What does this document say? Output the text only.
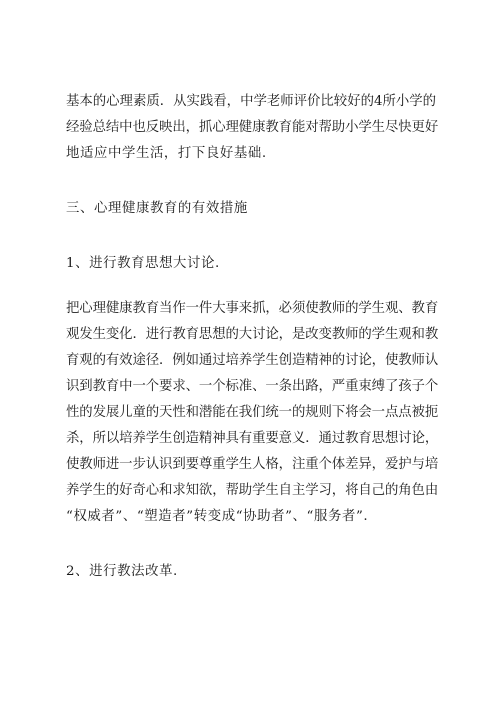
基本的心理素质．从实践看，中学老师评价比较好的4所小学的
经验总结中也反映出，抓心理健康教育能对帮助小学生尽快更好
地适应中学生活，打下良好基础.
三、心理健康教育的有效措施
1、进行教育思想大讨论.
把心理健康教育当作一件大事来抓，必须使教师的学生观、教育
观发生变化．进行教育思想的大讨论，是改变教师的学生观和教
育观的有效途径．例如通过培养学生创造精神的讨论，使教师认
识到教育中一个要求、一个标准、一条出路，严重束缚了孩子个
性的发展儿童的天性和潜能在我们统一的规则下将会一点点被扼
杀，所以培养学生创造精神具有重要意义．通过教育思想讨论，
使教师进一步认识到要尊重学生人格，注重个体差异，爱护与培
养学生的好奇心和求知欲，帮助学生自主学习，将自己的角色由
“权威者”、“塑造者”转变成“协助者”、“服务者”.
2、进行教法改革.
